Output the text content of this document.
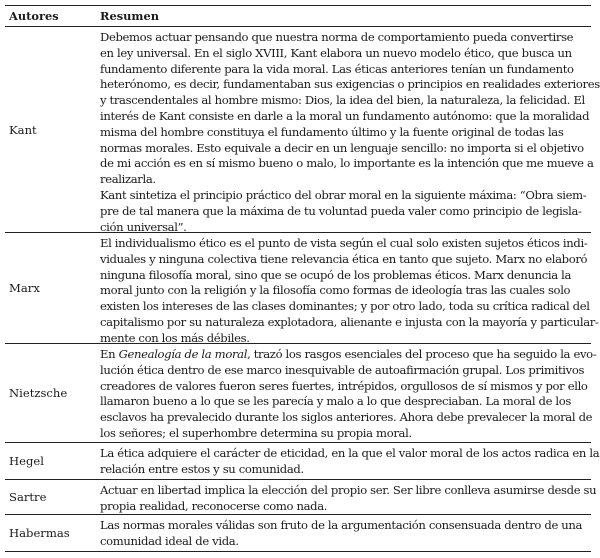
Autores	Resumen
Kant
Debemos actuar pensando que nuestra norma de comportamiento pueda convertirse
en ley universal. En el siglo XVIII, Kant elabora un nuevo modelo ético, que busca un
fundamento diferente para la vida moral. Las éticas anteriores tenían un fundamento
heterónomo, es decir, fundamentaban sus exigencias o principios en realidades exteriores
y trascendentales al hombre mismo: Dios, la idea del bien, la naturaleza, la felicidad. El
interés de Kant consiste en darle a la moral un fundamento autónomo: que la moralidad
misma del hombre constituya el fundamento último y la fuente original de todas las
normas morales. Esto equivale a decir en un lenguaje sencillo: no importa si el objetivo
de mi acción es en sí mismo bueno o malo, lo importante es la intención que me mueve a
realizarla.
Kant sintetiza el principio práctico del obrar moral en la siguiente máxima: “Obra siem-
pre de tal manera que la máxima de tu voluntad pueda valer como principio de legisla-
ción universal”.
Marx
El individualismo ético es el punto de vista según el cual solo existen sujetos éticos indi-
viduales y ninguna colectiva tiene relevancia ética en tanto que sujeto. Marx no elaboró
ninguna filosofía moral, sino que se ocupó de los problemas éticos. Marx denuncia la
moral junto con la religión y la filosofía como formas de ideología tras las cuales solo
existen los intereses de las clases dominantes; y por otro lado, toda su crítica radical del
capitalismo por su naturaleza explotadora, alienante e injusta con la mayoría y particular-
mente con los más débiles.
Nietzsche
En Genealogía de la moral, trazó los rasgos esenciales del proceso que ha seguido la evo-
lución ética dentro de ese marco inesquivable de autoafirmación grupal. Los primitivos
creadores de valores fueron seres fuertes, intrépidos, orgullosos de sí mismos y por ello
llamaron bueno a lo que se les parecía y malo a lo que despreciaban. La moral de los
esclavos ha prevalecido durante los siglos anteriores. Ahora debe prevalecer la moral de
los señores; el superhombre determina su propia moral.
Hegel
La ética adquiere el carácter de eticidad, en la que el valor moral de los actos radica en la
relación entre estos y su comunidad.
Sartre	Actuar en libertad implica la elección del propio ser. Ser libre conlleva asumirse desde su
propia realidad, reconocerse como nada.
Habermas
Las normas morales válidas son fruto de la argumentación consensuada dentro de una
comunidad ideal de vida.
